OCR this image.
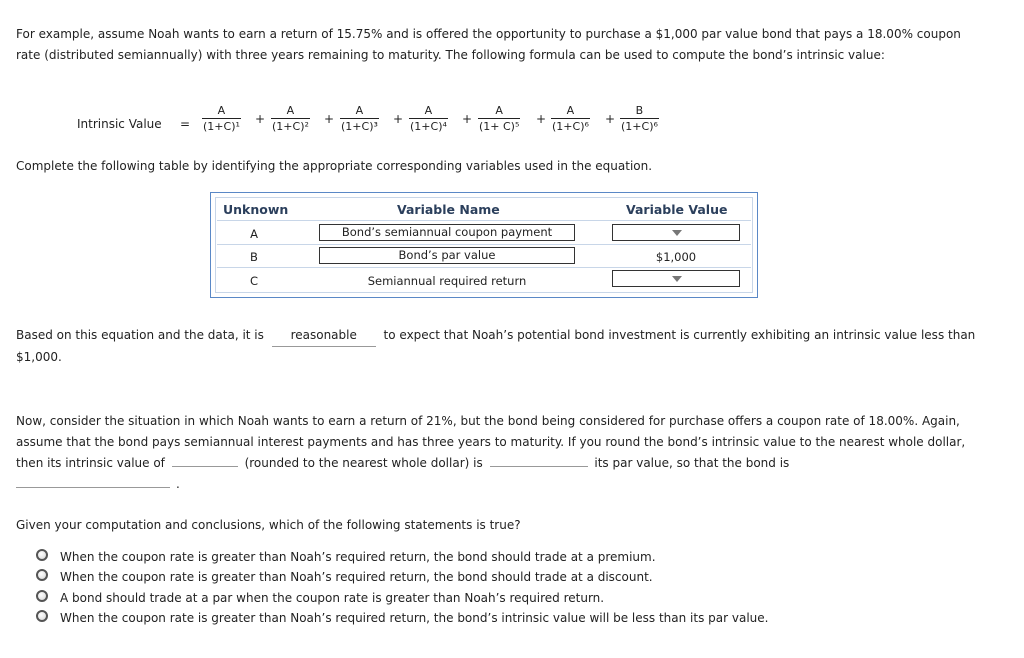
For example, assume Noah wants to earn a return of 15.75% and is offered the opportunity to purchase a $1,000 par value bond that pays a 18.00% coupon rate (distributed semiannually) with three years remaining to maturity. The following formula can be used to compute the bond’s intrinsic value:
Intrinsic Value = $\frac{A}{\text{(1+C)¹}} + \frac{A}{\text{(1+C)²}} + \frac{A}{\text{(1+C)³}} + \frac{A}{\text{(1+C)⁴}} + \frac{A}{\text{(1+ C)⁵}} + \frac{A}{\text{(1+C)⁶}} + \frac{B}{\text{(1+C)⁶}}$
Complete the following table by identifying the appropriate corresponding variables used in the equation.
Unknown	Variable Name	Variable Value
A	Bond’s semiannual coupon payment
B	Bond’s par value	$1,000
C	Semiannual required return
Based on this equation and the data, it is reasonable to expect that Noah’s potential bond investment is currently exhibiting an intrinsic value less than $1,000.
Now, consider the situation in which Noah wants to earn a return of 21%, but the bond being considered for purchase offers a coupon rate of 18.00%. Again, assume that the bond pays semiannual interest payments and has three years to maturity. If you round the bond’s intrinsic value to the nearest whole dollar, then its intrinsic value of	(rounded to the nearest whole dollar) is	its par value, so that the bond is
.
Given your computation and conclusions, which of the following statements is true?
When the coupon rate is greater than Noah’s required return, the bond should trade at a premium.
When the coupon rate is greater than Noah’s required return, the bond should trade at a discount.
A bond should trade at a par when the coupon rate is greater than Noah’s required return.
When the coupon rate is greater than Noah’s required return, the bond’s intrinsic value will be less than its par value.
